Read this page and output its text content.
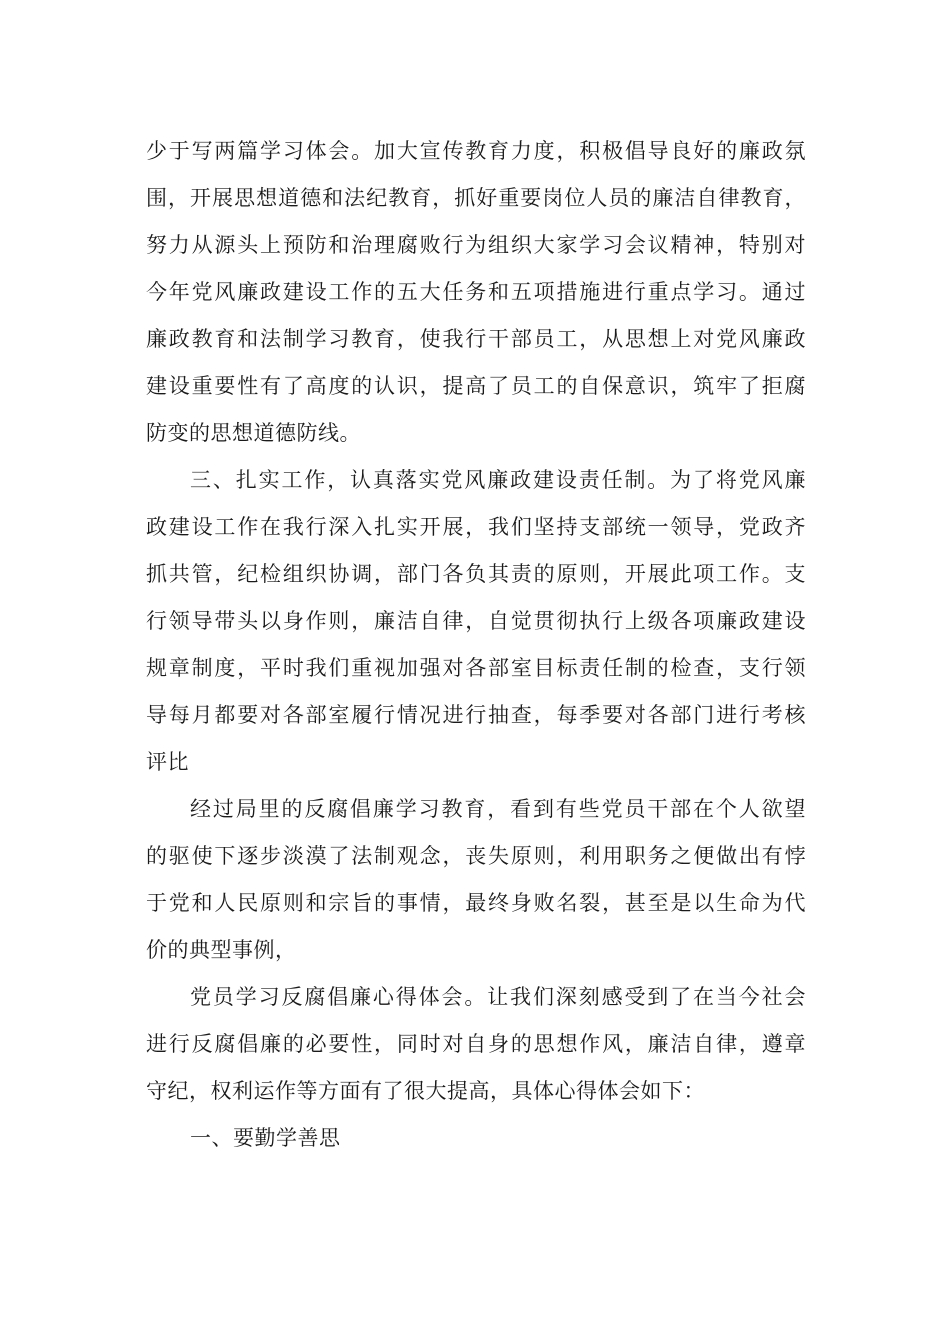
少于写两篇学习体会。加大宣传教育力度，积极倡导良好的廉政氛
围，开展思想道德和法纪教育，抓好重要岗位人员的廉洁自律教育，
努力从源头上预防和治理腐败行为组织大家学习会议精神，特别对
今年党风廉政建设工作的五大任务和五项措施进行重点学习。通过
廉政教育和法制学习教育，使我行干部员工，从思想上对党风廉政
建设重要性有了高度的认识，提高了员工的自保意识，筑牢了拒腐
防变的思想道德防线。
三、扎实工作，认真落实党风廉政建设责任制。为了将党风廉
政建设工作在我行深入扎实开展，我们坚持支部统一领导，党政齐
抓共管，纪检组织协调，部门各负其责的原则，开展此项工作。支
行领导带头以身作则，廉洁自律，自觉贯彻执行上级各项廉政建设
规章制度，平时我们重视加强对各部室目标责任制的检查，支行领
导每月都要对各部室履行情况进行抽查，每季要对各部门进行考核
评比
经过局里的反腐倡廉学习教育，看到有些党员干部在个人欲望
的驱使下逐步淡漠了法制观念，丧失原则，利用职务之便做出有悖
于党和人民原则和宗旨的事情，最终身败名裂，甚至是以生命为代
价的典型事例，
党员学习反腐倡廉心得体会。让我们深刻感受到了在当今社会
进行反腐倡廉的必要性，同时对自身的思想作风，廉洁自律，遵章
守纪，权利运作等方面有了很大提高，具体心得体会如下：
一、要勤学善思
